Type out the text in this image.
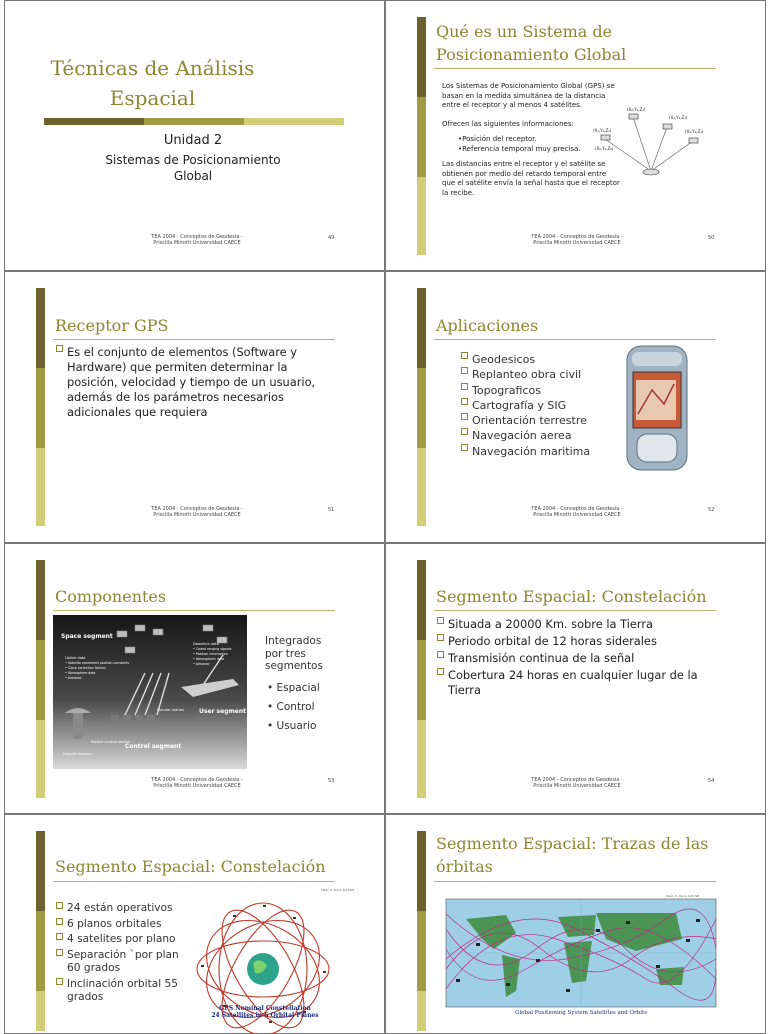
Técnicas de Análisis
Espacial
Unidad 2
Sistemas de Posicionamiento
Global
TEA 2004 - Conceptos de Geodesia -
Priscilla Minotti Universidad CAECE
49
Qué es un Sistema de
Posicionamiento Global
Los Sistemas de Posicionamiento Global (GPS) se basan en la medida simultánea de la distancia entre el receptor y al menos 4 satélites.
Ofrecen las siguientes informaciones:
•Posición del receptor.
•Referencia temporal muy precisa.
Las distancias entre el receptor y el satélite se obtienen por medio del retardo temporal entre que el satélite envía la señal hasta que el receptor la recibe.
(X₁,Y₁,Z₁)
(X₂,Y₂,Z₂)
(X₃,Y₃,Z₃)
(X₄,Y₄,Z₄)
(X₀,Y₀,Z₀)
TEA 2004 - Conceptos de Geodesia -
Priscilla Minotti Universidad CAECE
50
Receptor GPS
Es el conjunto de elementos (Software y Hardware) que permiten determinar la posición, velocidad y tiempo de un usuario, además de los parámetros necesarios adicionales que requiera
TEA 2004 - Conceptos de Geodesia -
Priscilla Minotti Universidad CAECE
51
Aplicaciones
Geodesicos
Replanteo obra civil
Topograficos
Cartografía y SIG
Orientación terrestre
Navegación aerea
Navegación maritima
TEA 2004 - Conceptos de Geodesia -
Priscilla Minotti Universidad CAECE
52
Componentes
Space segment
User segment
Control segment
Uplink data
• Satellite ephemeris position constants
• Clock-correction factors
• Atmosphere data
• Almanac
Downlink data
• Coded ranging signals
• Position information
• Atmospheric data
• Almanac
Monitor station
Master control station
Ground Antenna
Integrados
por tres
segmentos
• Espacial
• Control
• Usuario
TEA 2004 - Conceptos de Geodesia -
Priscilla Minotti Universidad CAECE
53
Segmento Espacial: Constelación
Situada a 20000 Km. sobre la Tierra
Periodo orbital de 12 horas siderales
Transmisión continua de la señal
Cobertura 24 horas en cualquier lugar de la Tierra
TEA 2004 - Conceptos de Geodesia -
Priscilla Minotti Universidad CAECE
54
Segmento Espacial: Constelación
24 están operativos
6 planos orbitales
4 satelites por plano
Separación `por plan 60 grados
Inclinación orbital 55 grados
Peter H. Dana 8/13/98
GPS Nominal Constellation
24 Satellites in 6 Orbital Planes
Segmento Espacial: Trazas de las
órbitas
Peter H. Dana 10/1/98
Global Positioning System Satellites and Orbits
